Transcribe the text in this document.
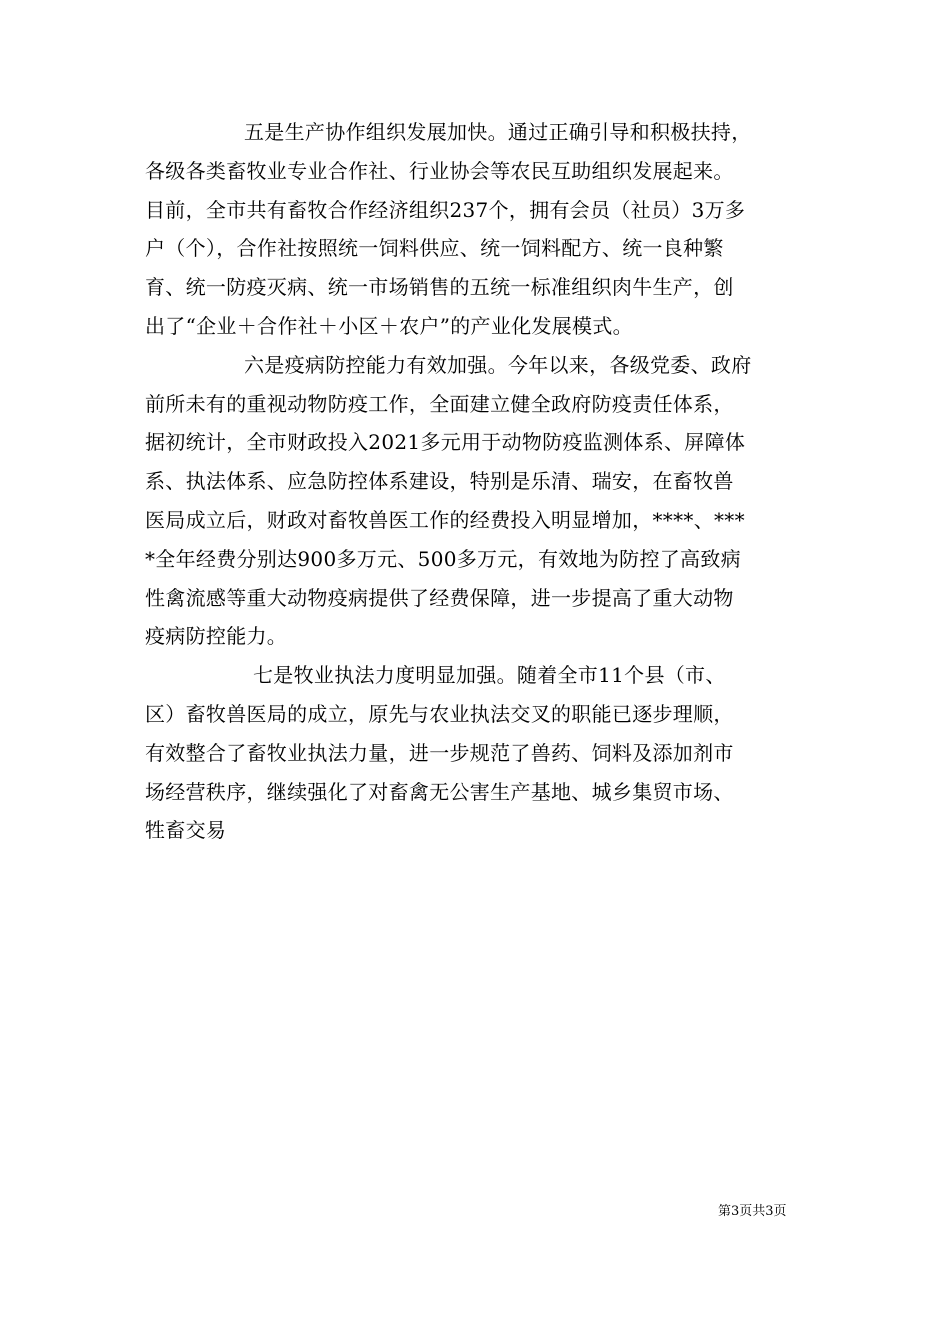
五是生产协作组织发展加快。通过正确引导和积极扶持，
各级各类畜牧业专业合作社、行业协会等农民互助组织发展起来。
目前，全市共有畜牧合作经济组织237个，拥有会员（社员）3万多
户（个），合作社按照统一饲料供应、统一饲料配方、统一良种繁
育、统一防疫灭病、统一市场销售的五统一标准组织肉牛生产，创
出了“企业＋合作社＋小区＋农户”的产业化发展模式。
六是疫病防控能力有效加强。今年以来，各级党委、政府
前所未有的重视动物防疫工作，全面建立健全政府防疫责任体系，
据初统计，全市财政投入2021多元用于动物防疫监测体系、屏障体
系、执法体系、应急防控体系建设，特别是乐清、瑞安，在畜牧兽
医局成立后，财政对畜牧兽医工作的经费投入明显增加，****、***
*全年经费分别达900多万元、500多万元，有效地为防控了高致病
性禽流感等重大动物疫病提供了经费保障，进一步提高了重大动物
疫病防控能力。
七是牧业执法力度明显加强。随着全市11个县（市、
区）畜牧兽医局的成立，原先与农业执法交叉的职能已逐步理顺，
有效整合了畜牧业执法力量，进一步规范了兽药、饲料及添加剂市
场经营秩序，继续强化了对畜禽无公害生产基地、城乡集贸市场、
牲畜交易
第3页共3页
